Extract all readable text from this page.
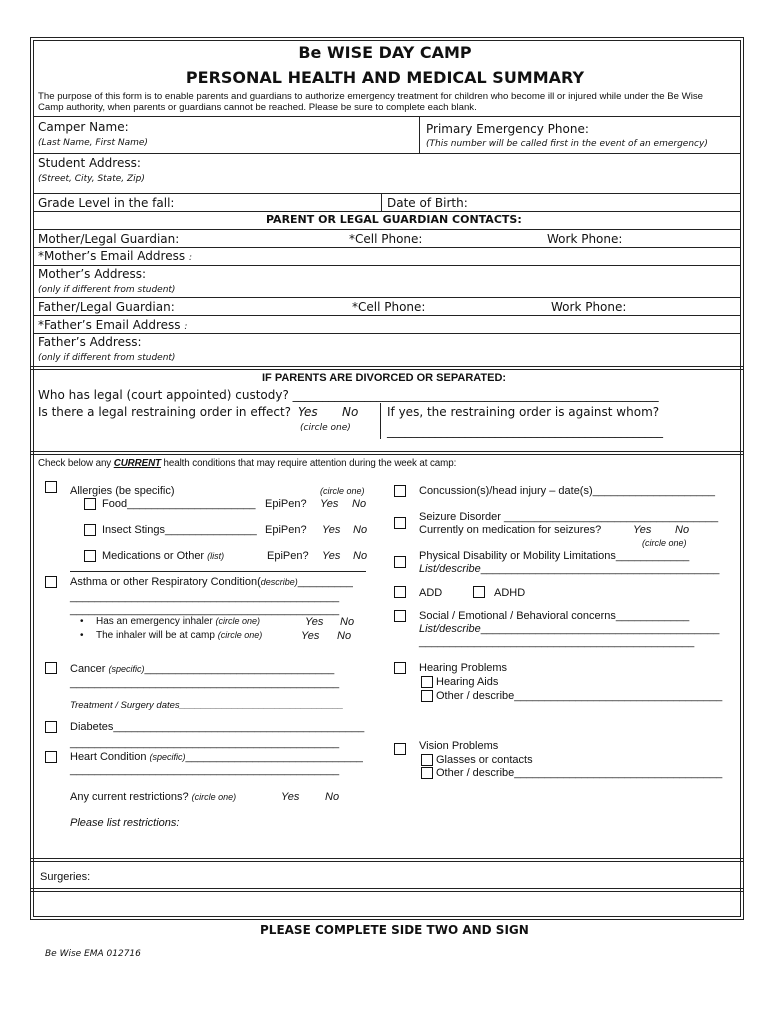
Be WISE DAY CAMP
PERSONAL HEALTH AND MEDICAL SUMMARY
The purpose of this form is to enable parents and guardians to authorize emergency treatment for children who become ill or injured while under the Be Wise
Camp authority, when parents or guardians cannot be reached. Please be sure to complete each blank.
Camper Name:
(Last Name, First Name)
Primary Emergency Phone:
(This number will be called first in the event of an emergency)
Student Address:
(Street, City, State, Zip)
Grade Level in the fall:	Date of Birth:
PARENT OR LEGAL GUARDIAN CONTACTS:
Mother/Legal Guardian:	*Cell Phone:	Work Phone:
*Mother’s Email Address :
Mother’s Address:
(only if different from student)
Father/Legal Guardian:	*Cell Phone:	Work Phone:
*Father’s Email Address :
Father’s Address:
(only if different from student)
IF PARENTS ARE DIVORCED OR SEPARATED:
Who has legal (court appointed) custody? _____________________________________________________________
Is there a legal restraining order in effect? Yes No
(circle one)
If yes, the restraining order is against whom?
______________________________________________
Check below any CURRENT health conditions that may require attention during the week at camp:
Allergies (be specific)	(circle one)
Food_____________________ EpiPen? Yes No
Insect Stings_______________ EpiPen? Yes No
Medications or Other (list)	EpiPen? Yes No
Asthma or other Respiratory Condition(describe)_________
____________________________________________
____________________________________________
• Has an emergency inhaler (circle one)	Yes No
• The inhaler will be at camp (circle one)	Yes No
Cancer (specific)_______________________________
____________________________________________
Treatment / Surgery dates_______________________________
Diabetes_________________________________________
____________________________________________
Heart Condition (specific)_____________________________
____________________________________________
Any current restrictions? (circle one)	Yes No
Please list restrictions:
Concussion(s)/head injury – date(s)____________________
Seizure Disorder ___________________________________
Currently on medication for seizures?	Yes No
(circle one)
Physical Disability or Mobility Limitations____________
List/describe_______________________________________
ADD	ADHD
Social / Emotional / Behavioral concerns____________
List/describe_______________________________________
_____________________________________________
Hearing Problems
Hearing Aids
Other / describe__________________________________
Vision Problems
Glasses or contacts
Other / describe__________________________________
Surgeries:
PLEASE COMPLETE SIDE TWO AND SIGN
Be Wise EMA 012716
